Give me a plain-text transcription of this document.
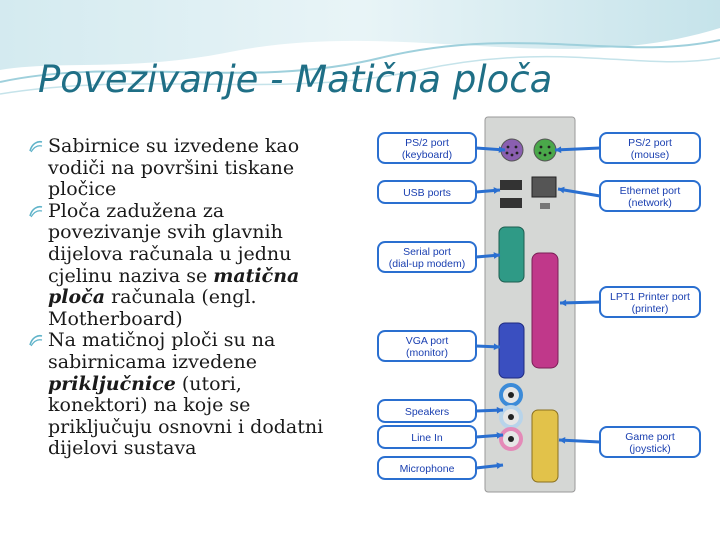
Povezivanje - Matična ploča

Sabirnice su izvedene kao vodiči na površini tiskane pločice

Ploča zadužena za povezivanje svih glavnih dijelova računala u jednu cjelinu naziva se matična ploča računala (engl. Motherboard)

Na matičnoj ploči su na sabirnicama izvedene priključnice (utori, konektori) na koje se priključuju osnovni i dodatni dijelovi sustava

PS/2 port
(keyboard)
USB ports
Serial port
(dial-up modem)
VGA port
(monitor)
Speakers
Line In
Microphone
PS/2 port
(mouse)
Ethernet port
(network)
LPT1 Printer port
(printer)
Game port
(joystick)
